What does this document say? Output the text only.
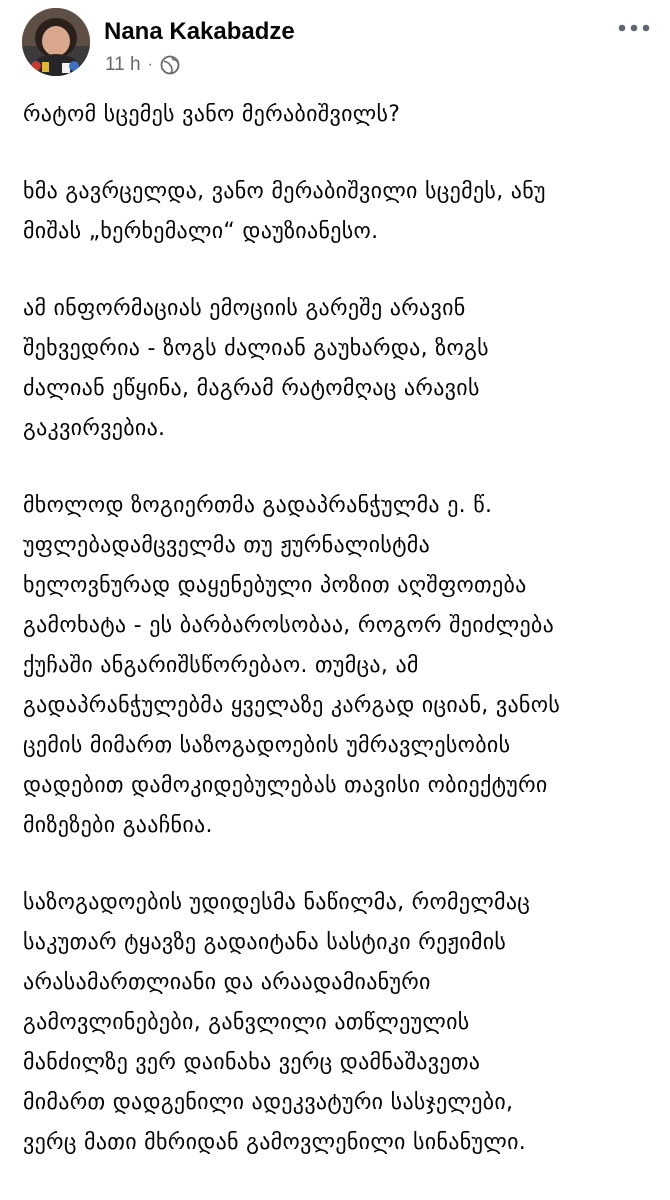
Nana Kakabadze
11 h ·

რატომ სცემეს ვანო მერაბიშვილს?

ხმა გავრცელდა, ვანო მერაბიშვილი სცემეს, ანუ
მიშას „ხერხემალი“ დაუზიანესო.

ამ ინფორმაციას ემოციის გარეშე არავინ
შეხვედრია - ზოგს ძალიან გაუხარდა, ზოგს
ძალიან ეწყინა, მაგრამ რატომღაც არავის
გაკვირვებია.

მხოლოდ ზოგიერთმა გადაპრანჭულმა ე. წ.
უფლებადამცველმა თუ ჟურნალისტმა
ხელოვნურად დაყენებული პოზით აღშფოთება
გამოხატა - ეს ბარბაროსობაა, როგორ შეიძლება
ქუჩაში ანგარიშსწორებაო. თუმცა, ამ
გადაპრანჭულებმა ყველაზე კარგად იციან, ვანოს
ცემის მიმართ საზოგადოების უმრავლესობის
დადებით დამოკიდებულებას თავისი ობიექტური
მიზეზები გააჩნია.

საზოგადოების უდიდესმა ნაწილმა, რომელმაც
საკუთარ ტყავზე გადაიტანა სასტიკი რეჟიმის
არასამართლიანი და არაადამიანური
გამოვლინებები, განვლილი ათწლეულის
მანძილზე ვერ დაინახა ვერც დამნაშავეთა
მიმართ დადგენილი ადეკვატური სასჯელები,
ვერც მათი მხრიდან გამოვლენილი სინანული.
